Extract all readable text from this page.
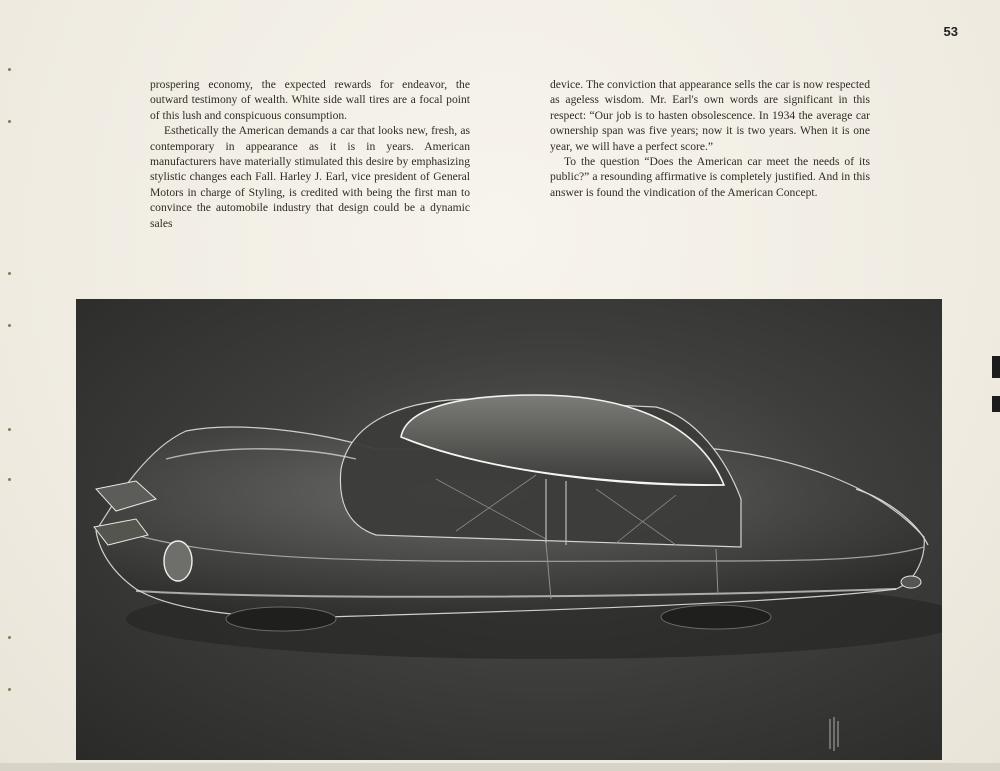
53

prospering economy, the expected rewards for endeavor, the outward testimony of wealth. White side wall tires are a focal point of this lush and conspicuous consumption.

Esthetically the American demands a car that looks new, fresh, as contemporary in appearance as it is in years. American manufacturers have materially stimulated this desire by emphasizing stylistic changes each Fall. Harley J. Earl, vice president of General Motors in charge of Styling, is credited with being the first man to convince the automobile industry that design could be a dynamic sales

device. The conviction that appearance sells the car is now respected as ageless wisdom. Mr. Earl's own words are significant in this respect: “Our job is to hasten obsolescence. In 1934 the average car ownership span was five years; now it is two years. When it is one year, we will have a perfect score.”

To the question “Does the American car meet the needs of its public?” a resounding affirmative is completely justified. And in this answer is found the vindication of the American Concept.
